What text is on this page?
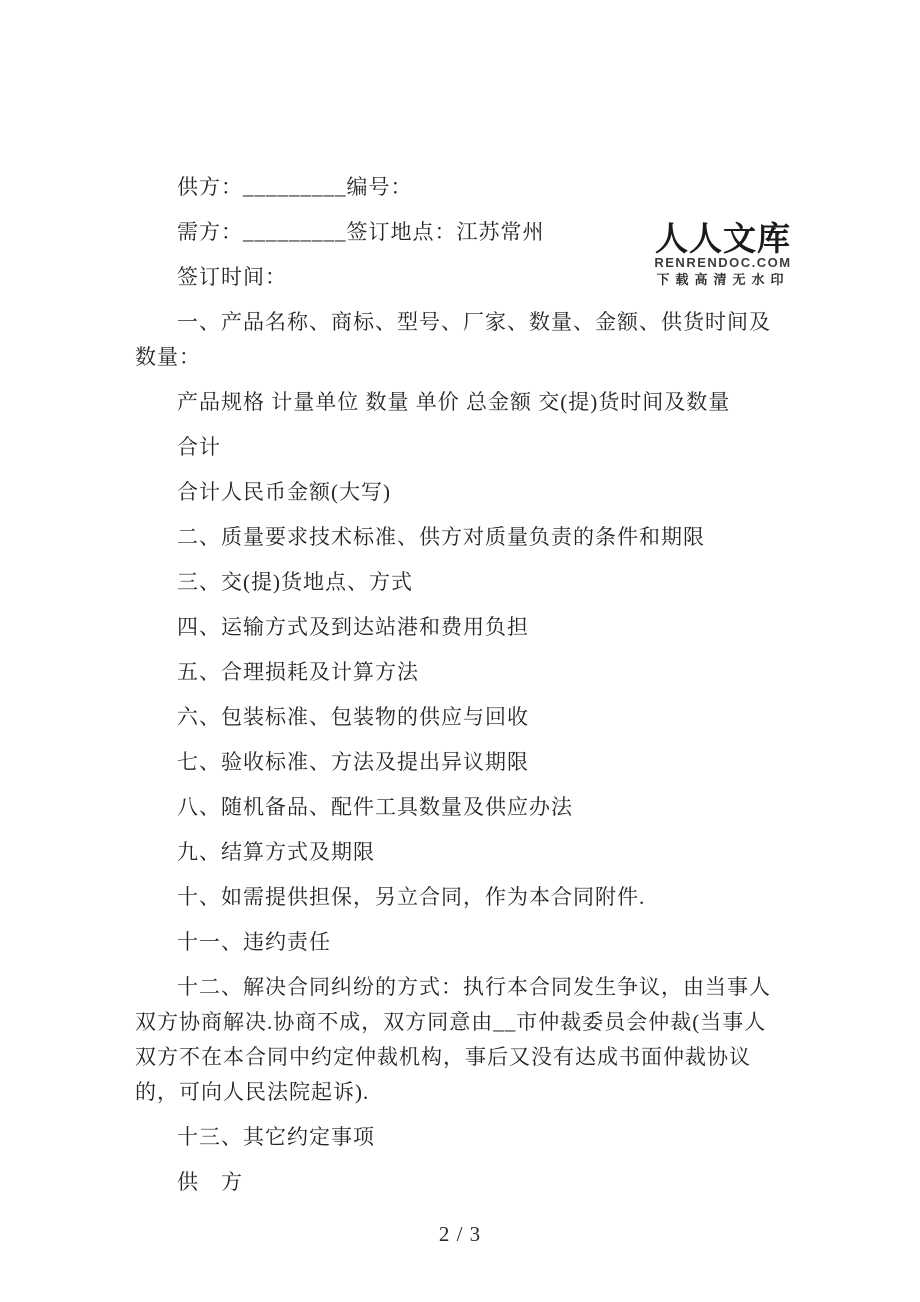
供方：_________编号：

需方：_________签订地点：江苏常州

签订时间：

一、产品名称、商标、型号、厂家、数量、金额、供货时间及数量：

产品规格 计量单位 数量 单价 总金额 交(提)货时间及数量

合计

合计人民币金额(大写)

二、质量要求技术标准、供方对质量负责的条件和期限

三、交(提)货地点、方式

四、运输方式及到达站港和费用负担

五、合理损耗及计算方法

六、包装标准、包装物的供应与回收

七、验收标准、方法及提出异议期限

八、随机备品、配件工具数量及供应办法

九、结算方式及期限

十、如需提供担保，另立合同，作为本合同附件.

十一、违约责任

十二、解决合同纠纷的方式：执行本合同发生争议，由当事人双方协商解决.协商不成，双方同意由__市仲裁委员会仲裁(当事人双方不在本合同中约定仲裁机构，事后又没有达成书面仲裁协议的，可向人民法院起诉).

十三、其它约定事项

供　方

人人文库
RENRENDOC.COM
下载高清无水印
2 / 3
